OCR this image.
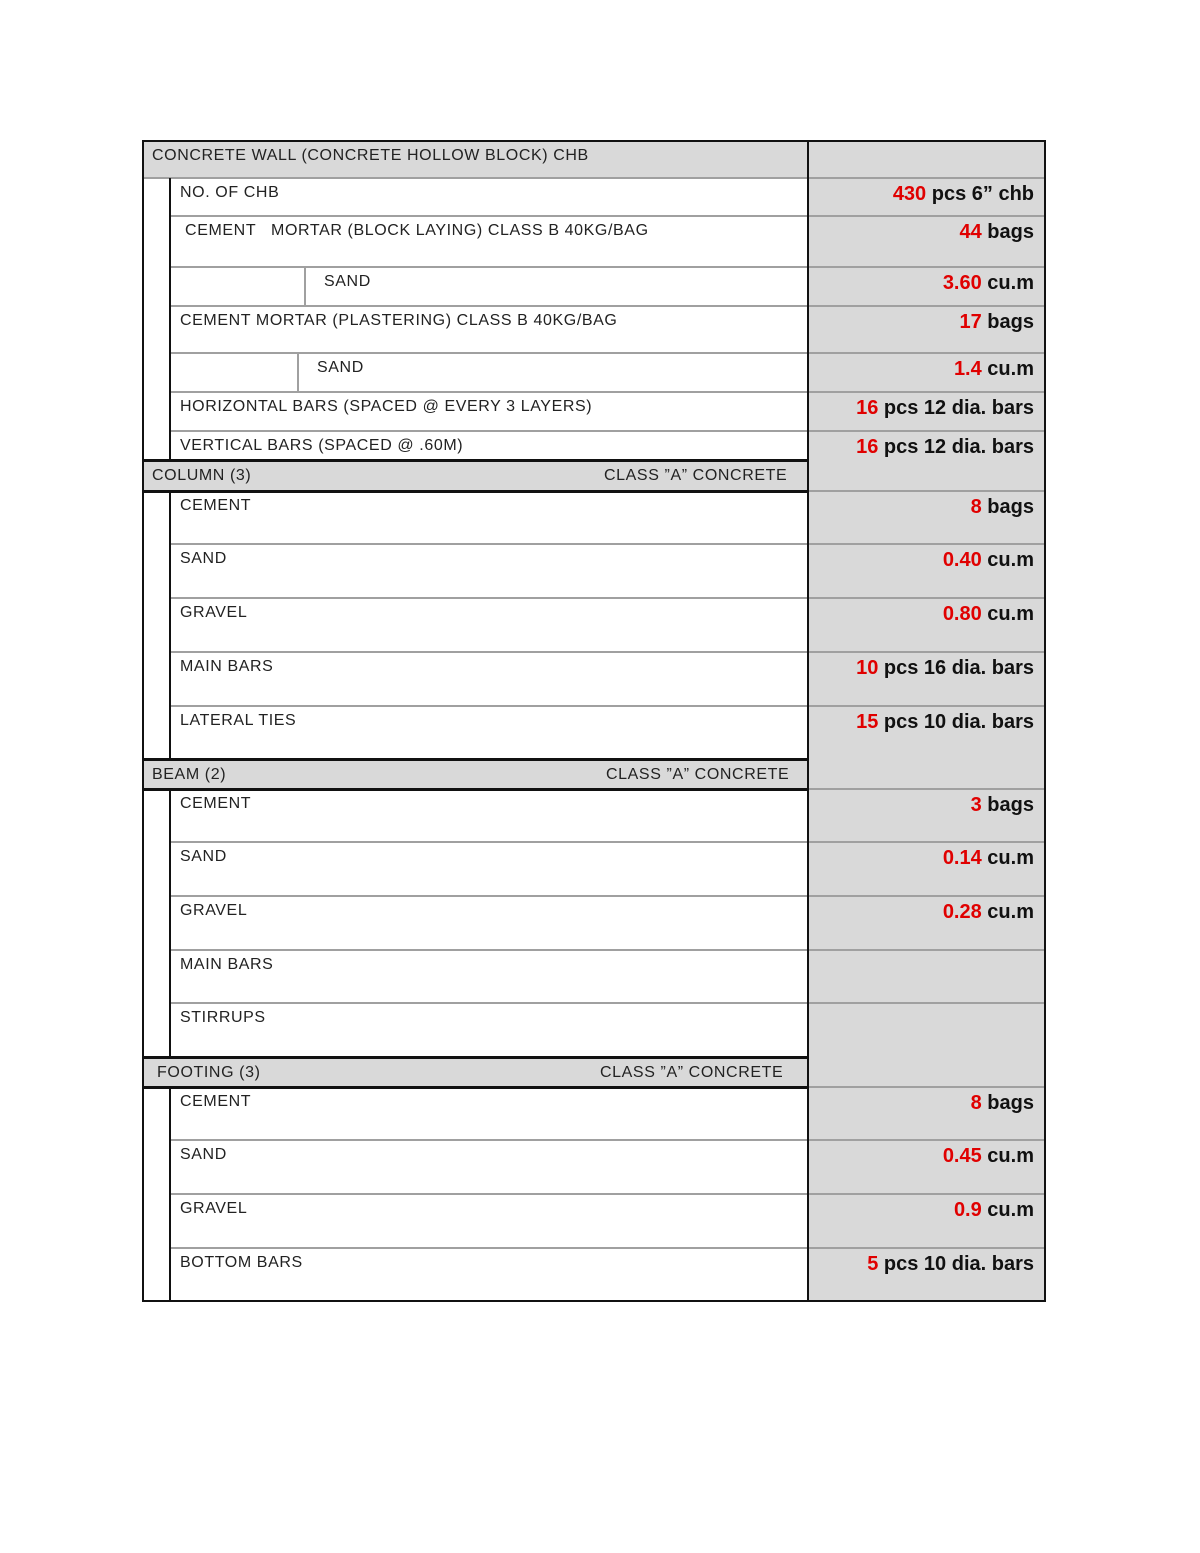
CONCRETE WALL (CONCRETE HOLLOW BLOCK) CHB
NO. OF CHB	430 pcs 6” chb
CEMENT   MORTAR (BLOCK LAYING) CLASS B 40KG/BAG	44 bags
SAND	3.60 cu.m
CEMENT MORTAR (PLASTERING) CLASS B 40KG/BAG	17 bags
SAND	1.4 cu.m
HORIZONTAL BARS (SPACED @ EVERY 3 LAYERS)	16 pcs 12 dia. bars
VERTICAL BARS (SPACED @ .60M)	16 pcs 12 dia. bars
COLUMN (3)	CLASS ”A” CONCRETE
CEMENT	8 bags
SAND	0.40 cu.m
GRAVEL	0.80 cu.m
MAIN BARS	10 pcs 16 dia. bars
LATERAL TIES	15 pcs 10 dia. bars
BEAM (2)	CLASS ”A” CONCRETE
CEMENT	3 bags
SAND	0.14 cu.m
GRAVEL	0.28 cu.m
MAIN BARS
STIRRUPS
FOOTING (3)	CLASS ”A” CONCRETE
CEMENT	8 bags
SAND	0.45 cu.m
GRAVEL	0.9 cu.m
BOTTOM BARS	5 pcs 10 dia. bars
